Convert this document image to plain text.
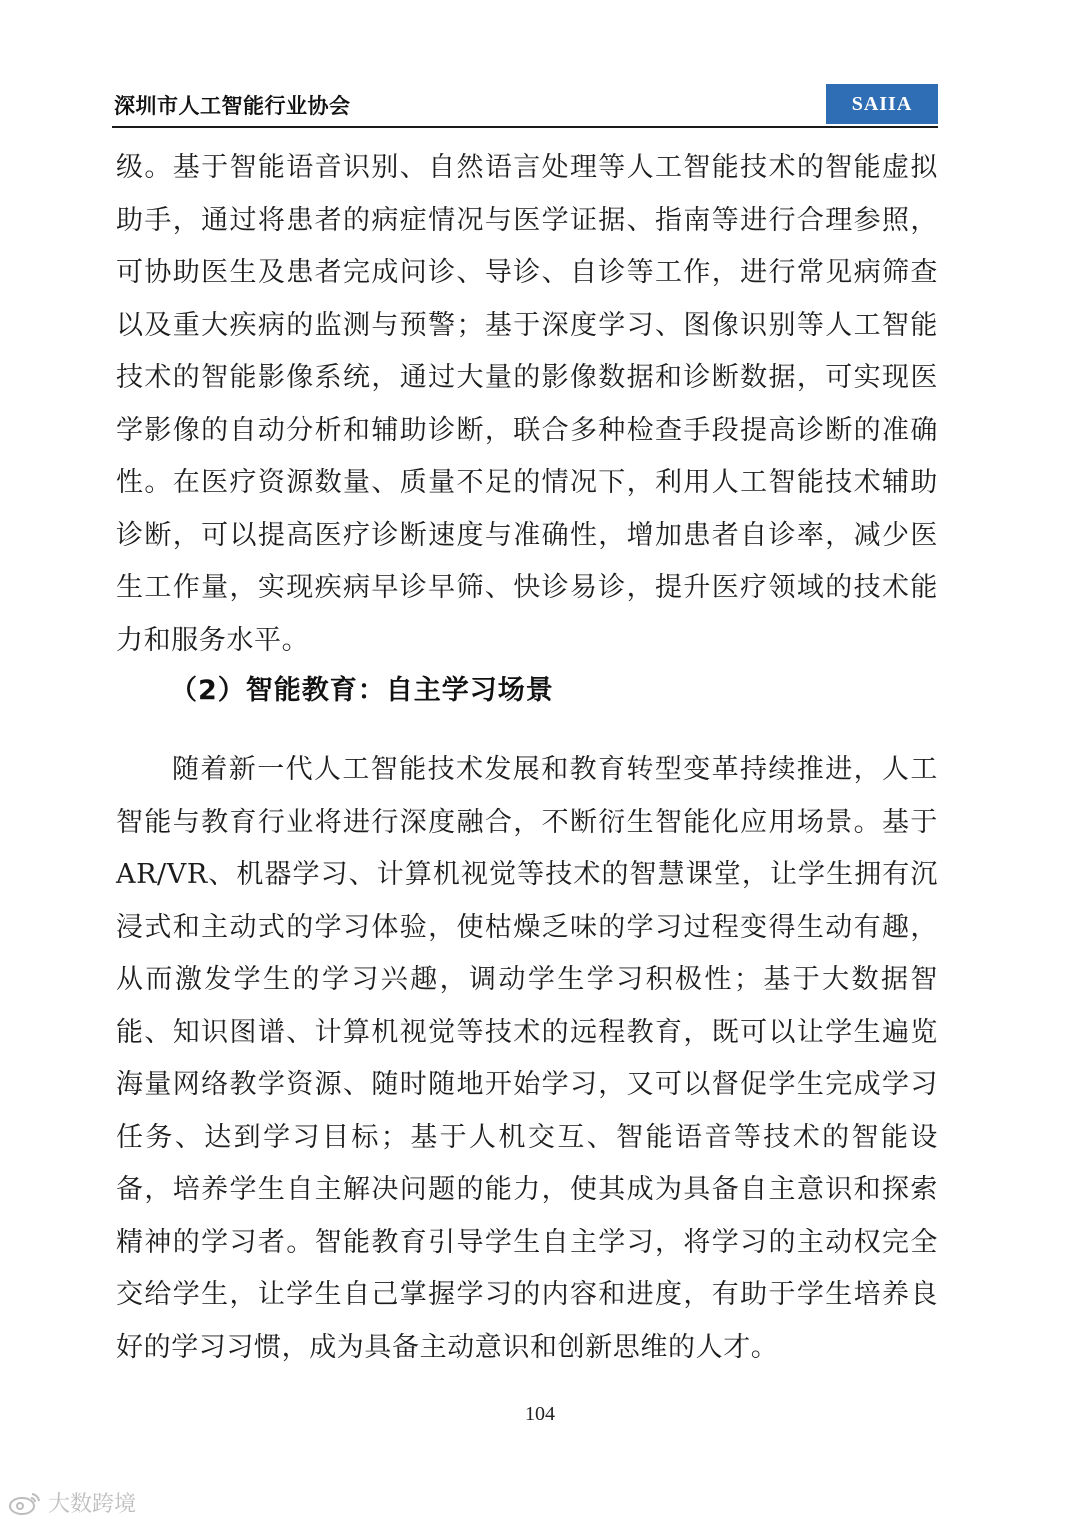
深圳市人工智能行业协会	SAIIA
级。基于智能语音识别、自然语言处理等人工智能技术的智能虚拟助手，通过将患者的病症情况与医学证据、指南等进行合理参照，可协助医生及患者完成问诊、导诊、自诊等工作，进行常见病筛查以及重大疾病的监测与预警；基于深度学习、图像识别等人工智能技术的智能影像系统，通过大量的影像数据和诊断数据，可实现医学影像的自动分析和辅助诊断，联合多种检查手段提高诊断的准确性。在医疗资源数量、质量不足的情况下，利用人工智能技术辅助诊断，可以提高医疗诊断速度与准确性，增加患者自诊率，减少医生工作量，实现疾病早诊早筛、快诊易诊，提升医疗领域的技术能力和服务水平。
（2）智能教育：自主学习场景
随着新一代人工智能技术发展和教育转型变革持续推进，人工智能与教育行业将进行深度融合，不断衍生智能化应用场景。基于 AR/VR、机器学习、计算机视觉等技术的智慧课堂，让学生拥有沉浸式和主动式的学习体验，使枯燥乏味的学习过程变得生动有趣，从而激发学生的学习兴趣，调动学生学习积极性；基于大数据智能、知识图谱、计算机视觉等技术的远程教育，既可以让学生遍览海量网络教学资源、随时随地开始学习，又可以督促学生完成学习任务、达到学习目标；基于人机交互、智能语音等技术的智能设备，培养学生自主解决问题的能力，使其成为具备自主意识和探索精神的学习者。智能教育引导学生自主学习，将学习的主动权完全交给学生，让学生自己掌握学习的内容和进度，有助于学生培养良好的学习习惯，成为具备主动意识和创新思维的人才。
104
大数跨境
